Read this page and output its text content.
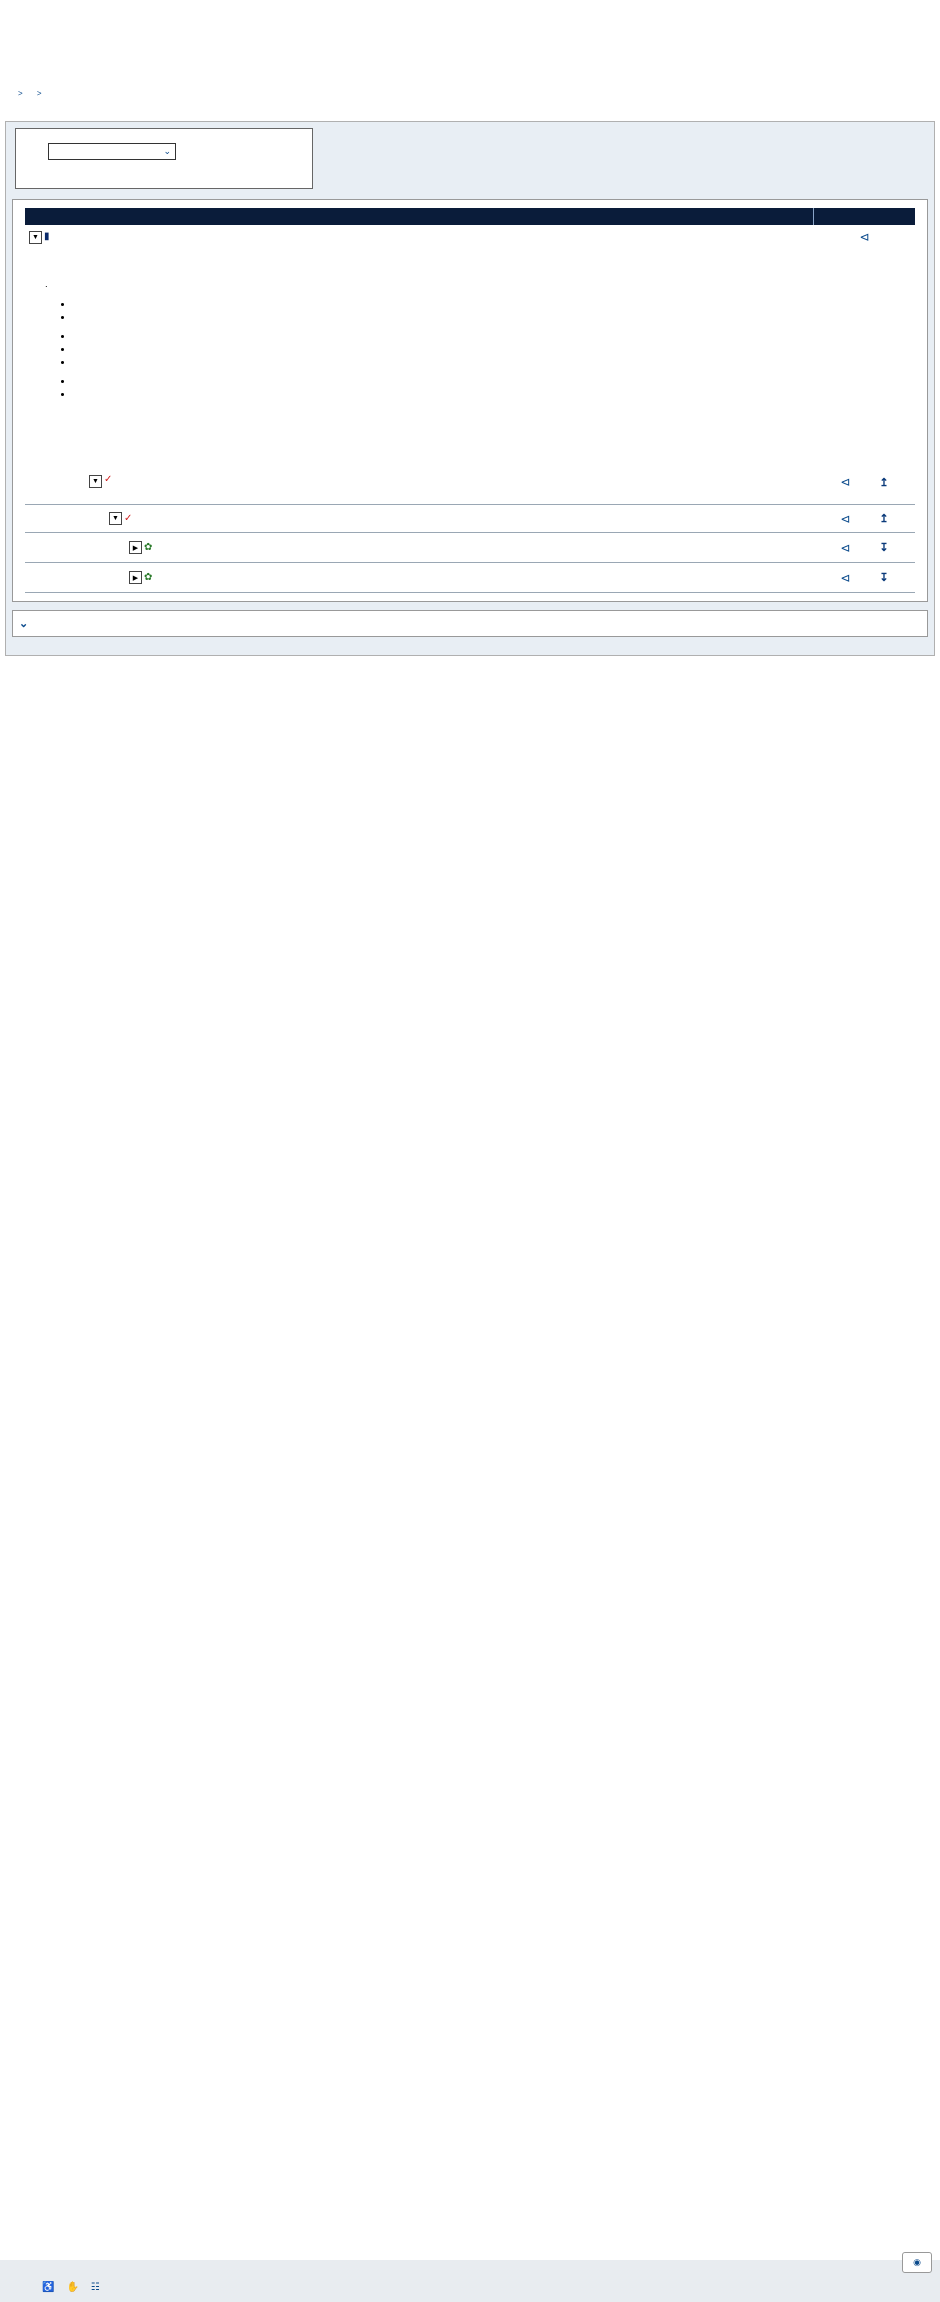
> >
⌄
▼ ▮	⊲

.

•
•
•
•
•
•

•

▼ ✓	⊲	↥
▼ ✓	⊲	↥
▶ ✿	⊲	↧
▶ ✿	⊲	↧
⌄
◉
♿ ✋ ☷
